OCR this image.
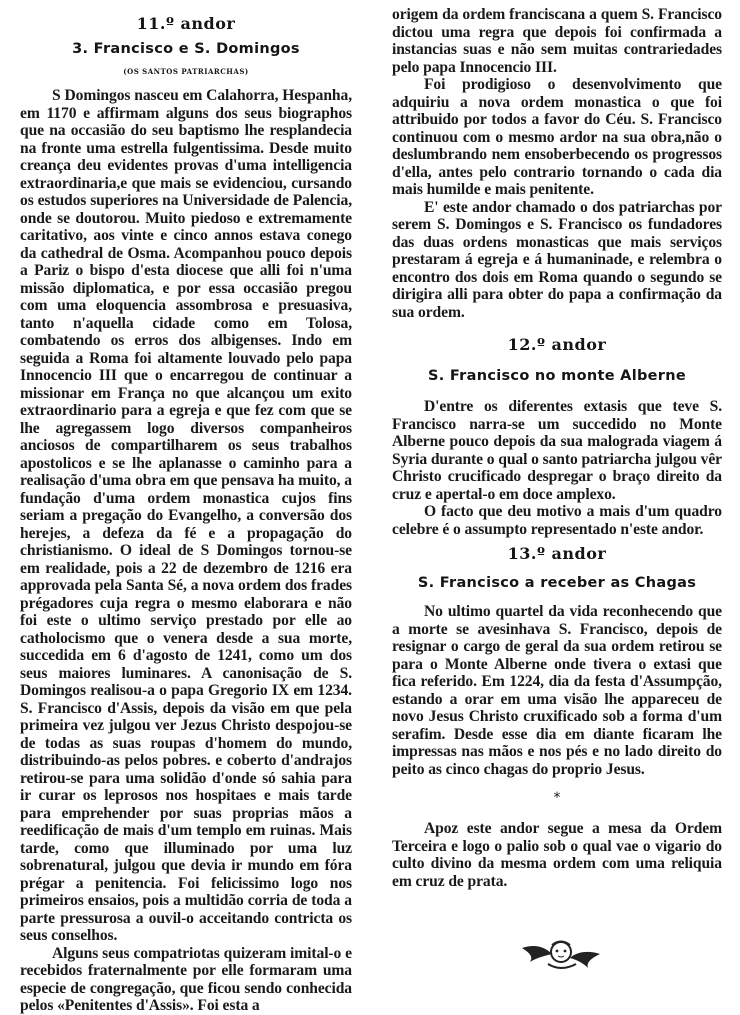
11.º andor
3. Francisco e S. Domingos

(OS SANTOS PATRIARCHAS)

S Domingos nasceu em Calahorra, Hespanha, em 1170 e affirmam alguns dos seus biographos que na occasião do seu baptismo lhe resplandecia na fronte uma estrella fulgentissima. Desde muito creança deu evidentes provas d'uma intelligencia extraordinaria,e que mais se evidenciou, cursando os estudos superiores na Universidade de Palencia, onde se doutorou. Muito piedoso e extremamente caritativo, aos vinte e cinco annos estava conego da cathedral de Osma. Acompanhou pouco depois a Pariz o bispo d'esta diocese que alli foi n'uma missão diplomatica, e por essa occasião pregou com uma eloquencia assombrosa e presuasiva, tanto n'aquella cidade como em Tolosa, combatendo os erros dos albigenses. Indo em seguida a Roma foi altamente louvado pelo papa Innocencio III que o encarregou de continuar a missionar em França no que alcançou um exito extraordinario para a egreja e que fez com que se lhe agregassem logo diversos companheiros anciosos de compartilharem os seus trabalhos apostolicos e se lhe aplanasse o caminho para a realisação d'uma obra em que pensava ha muito, a fundação d'uma ordem monastica cujos fins seriam a pregação do Evangelho, a conversão dos herejes, a defeza da fé e a propagação do christianismo. O ideal de S Domingos tornou-se em realidade, pois a 22 de dezembro de 1216 era approvada pela Santa Sé, a nova ordem dos frades prégadores cuja regra o mesmo elaborara e não foi este o ultimo serviço prestado por elle ao catholocismo que o venera desde a sua morte, succedida em 6 d'agosto de 1241, como um dos seus maiores luminares. A canonisação de S. Domingos realisou-a o papa Gregorio IX em 1234. S. Francisco d'Assis, depois da visão em que pela primeira vez julgou ver Jezus Christo despojou-se de todas as suas roupas d'homem do mundo, distribuindo-as pelos pobres. e coberto d'andrajos retirou-se para uma solidão d'onde só sahia para ir curar os leprosos nos hospitaes e mais tarde para emprehender por suas proprias mãos a reedificação de mais d'um templo em ruinas. Mais tarde, como que illuminado por uma luz sobrenatural, julgou que devia ir mundo em fóra prégar a penitencia. Foi felicissimo logo nos primeiros ensaios, pois a multidão corria de toda a parte pressurosa a ouvil-o acceitando contricta os seus conselhos.

Alguns seus compatriotas quizeram imital-o e recebidos fraternalmente por elle formaram uma especie de congregação, que ficou sendo conhecida pelos «Penitentes d'Assis». Foi esta a

origem da ordem franciscana a quem S. Francisco dictou uma regra que depois foi confirmada a instancias suas e não sem muitas contrariedades pelo papa Innocencio III.

Foi prodigioso o desenvolvimento que adquiriu a nova ordem monastica o que foi attribuido por todos a favor do Céu. S. Francisco continuou com o mesmo ardor na sua obra,não o deslumbrando nem ensoberbecendo os progressos d'ella, antes pelo contrario tornando o cada dia mais humilde e mais penitente.

E' este andor chamado o dos patriarchas por serem S. Domingos e S. Francisco os fundadores das duas ordens monasticas que mais serviços prestaram á egreja e á humaninade, e relembra o encontro dos dois em Roma quando o segundo se dirigira alli para obter do papa a confirmação da sua ordem.

12.º andor
S. Francisco no monte Alberne

D'entre os diferentes extasis que teve S. Francisco narra-se um succedido no Monte Alberne pouco depois da sua malograda viagem á Syria durante o qual o santo patriarcha julgou vêr Christo crucificado despregar o braço direito da cruz e apertal-o em doce amplexo.

O facto que deu motivo a mais d'um quadro celebre é o assumpto representado n'este andor.

13.º andor
S. Francisco a receber as Chagas

No ultimo quartel da vida reconhecendo que a morte se avesinhava S. Francisco, depois de resignar o cargo de geral da sua ordem retirou se para o Monte Alberne onde tivera o extasi que fica referido. Em 1224, dia da festa d'Assumpção, estando a orar em uma visão lhe appareceu de novo Jesus Christo cruxificado sob a forma d'um serafim. Desde esse dia em diante ficaram lhe impressas nas mãos e nos pés e no lado direito do peito as cinco chagas do proprio Jesus.

*

Apoz este andor segue a mesa da Ordem Terceira e logo o palio sob o qual vae o vigario do culto divino da mesma ordem com uma reliquia em cruz de prata.
